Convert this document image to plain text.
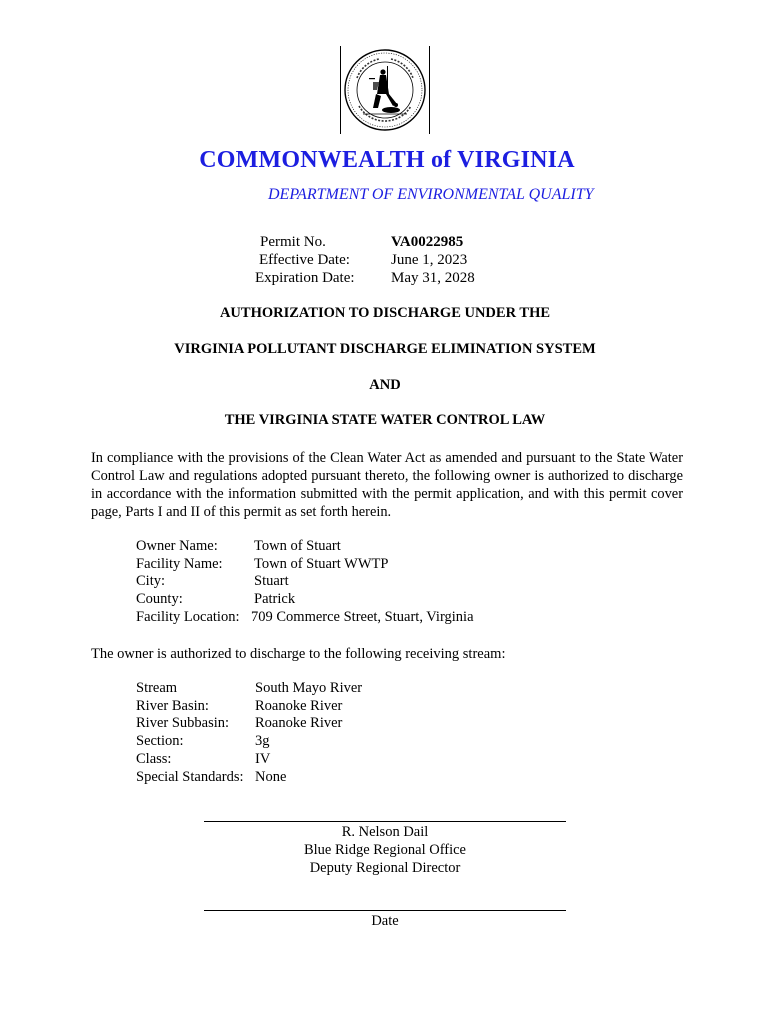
COMMONWEALTH of VIRGINIA
DEPARTMENT OF ENVIRONMENTAL QUALITY
Permit No.	VA0022985
Effective Date:	June 1, 2023
Expiration Date: May 31, 2028
AUTHORIZATION TO DISCHARGE UNDER THE
VIRGINIA POLLUTANT DISCHARGE ELIMINATION SYSTEM
AND
THE VIRGINIA STATE WATER CONTROL LAW
In compliance with the provisions of the Clean Water Act as amended and pursuant to the State Water Control Law and regulations adopted pursuant thereto, the following owner is authorized to discharge in accordance with the information submitted with the permit application, and with this permit cover page, Parts I and II of this permit as set forth herein.
Owner Name:	Town of Stuart
Facility Name: Town of Stuart WWTP
City:	Stuart
County:	Patrick
Facility Location: 709 Commerce Street, Stuart, Virginia
The owner is authorized to discharge to the following receiving stream:
Stream	South Mayo River
River Basin:	Roanoke River
River Subbasin: Roanoke River
Section:	3g
Class:	IV
Special Standards: None
R. Nelson Dail
Blue Ridge Regional Office
Deputy Regional Director
Date
